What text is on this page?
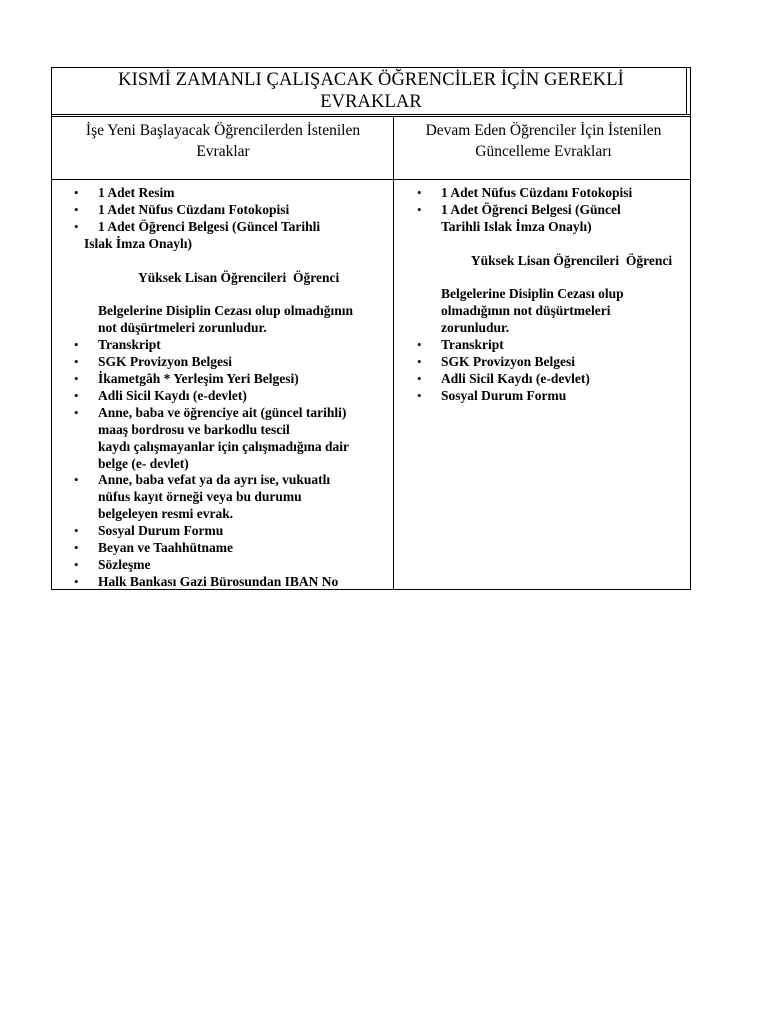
KISMİ ZAMANLI ÇALIŞACAK ÖĞRENCİLER İÇİN GEREKLİ
EVRAKLAR
İşe Yeni Başlayacak Öğrencilerden İstenilen
Evraklar
Devam Eden Öğrenciler İçin İstenilen
Güncelleme Evrakları
• 1 Adet Resim
• 1 Adet Nüfus Cüzdanı Fotokopisi
• 1 Adet Öğrenci Belgesi (Güncel Tarihli
Islak İmza Onaylı)

Yüksek Lisan Öğrencileri  Öğrenci

Belgelerine Disiplin Cezası olup olmadığının
not düşürtmeleri zorunludur.
• Transkript
• SGK Provizyon Belgesi
• İkametgâh * Yerleşim Yeri Belgesi)
• Adli Sicil Kaydı (e-devlet)
• Anne, baba ve öğrenciye ait (güncel tarihli)
maaş bordrosu ve barkodlu tescil
kaydı çalışmayanlar için çalışmadığına dair
belge (e- devlet)
• Anne, baba vefat ya da ayrı ise, vukuatlı
nüfus kayıt örneği veya bu durumu
belgeleyen resmi evrak.
• Sosyal Durum Formu
• Beyan ve Taahhütname
• Sözleşme
• Halk Bankası Gazi Bürosundan IBAN No
• 1 Adet Nüfus Cüzdanı Fotokopisi
• 1 Adet Öğrenci Belgesi (Güncel
Tarihli Islak İmza Onaylı)

Yüksek Lisan Öğrencileri  Öğrenci

Belgelerine Disiplin Cezası olup
olmadığının not düşürtmeleri
zorunludur.
• Transkript
• SGK Provizyon Belgesi
• Adli Sicil Kaydı (e-devlet)
• Sosyal Durum Formu
